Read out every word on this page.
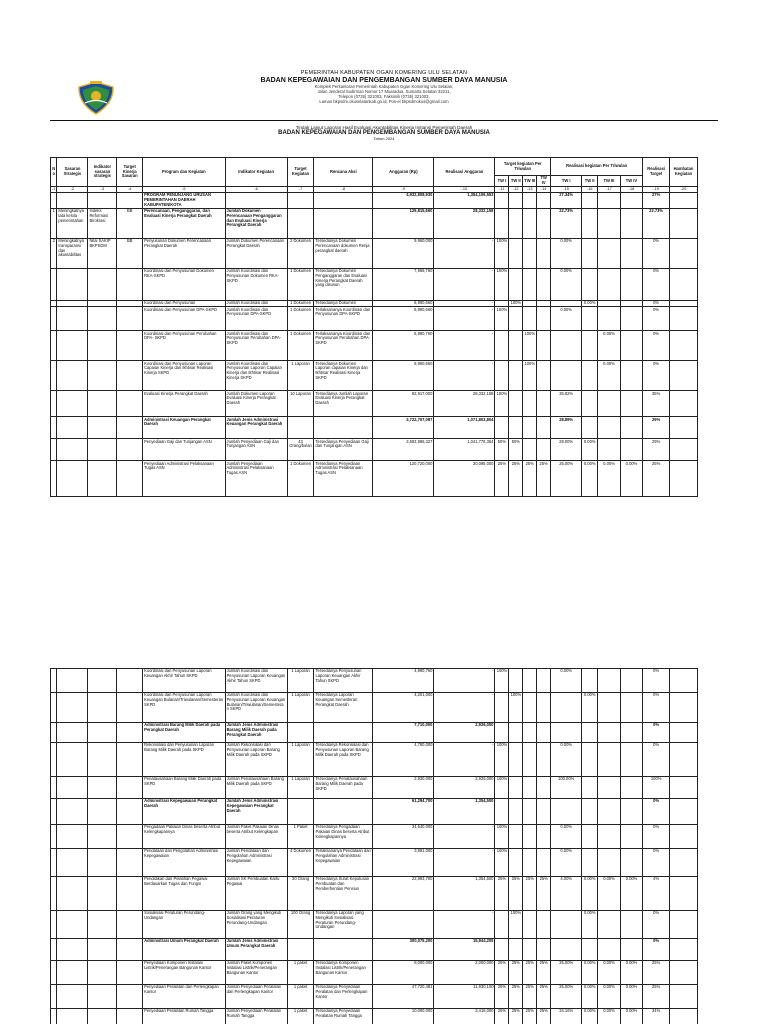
PEMERINTAH KABUPATEN OGAN KOMERING ULU SELATAN
BADAN KEPEGAWAIAN DAN PENGEMBANGAN SUMBER DAYA MANUSIA
Komplek Perkantoran Pemerintah Kabupaten Ogan Komering Ulu Selatan,
Jalan Jenderal Sudirman Nomor 17 Muaradua, Sumatra Selatan 32211,
Telepon (0735) 321003, Faksimili (0735) 321003,
Laman bkpsdm.okuselatankab.go.id, Pos-el bkpsdmokus@gmail.com
Tindak Lanjut Laporan Hasil Evaluasi Akuntabilitas Kinerja Instansi Pemerintah Daerah
BADAN KEPEGAWAIAN DAN PENGEMBANGAN SUMBER DAYA MANUSIA
Tahun 2024
No	Sasaran Strategis	Indikator sasaran strategis	Target Kinerja Sasaran	Program dan Kegiatan	Indikator Kegiatan	Target Kegiatan	Rencana Aksi	Anggaran (Rp)	Realisasi Anggaran	Target kegiatan Per Triwulan				Realisasi kegiatan Per Triwulan				Realisasi Target	Hambatan Kegiatan
										TW I	TW II	TW III	TW IV	TW I	TW II	TW III	TW IV		
-1	-2	-3	-4	-5	-6	-7	-8	-9	-10	-11	-12	-13	-14	-15	-16	-17	-18	-19	-20
				PROGRAM PENUNJANG URUSAN PEMERINTAHAN DAERAH KABUPATEN/KOTA				4,932,808,930	1,354,106,553					27.34%				27%	
1	Meningkatnya tata kelola pemerintahan	Indeks Reformasi Birokrasi	BB	Perencanaan, Penganggaran, dan Evaluasi Kinerja Perangkat Daerah	Jumlah Dokumen Perencanaan Penganggaran dan Evaluasi Kinerja Perangkat Daerah			129,815,660	28,332,158					22.73%				22.73%	
2	Meningkatnya transparansi dan akuntabilitas	Nilai SAKIP BKPSDM	BB	Penyusunan Dokumen Perencanaan Perangkat Daerah	Jumlah Dokumen Perencanaan Perangkat Daerah	2 Dokumen	Tersedianya Dokumen Perencanaan dokumen Renja perangkat daerah	9,960,000	-	100%				0.00%				0%	
				Koordinasi dan Penyusunan Dokumen RKA-SKPD	Jumlah Koordinasi dan Penyusunan Dokumen RKA-SKPD	1 Dokumen	Tersedianya Dokumen Penganggaran dan Evaluasi Kinerja Perangkat Daerah yang disusun	7,965,760	-	100%				0.00%				0%	
				Koordinasi dan Penyusunan	Jumlah Koordinasi dan	1 Dokumen	Tersedianya Dokumen	6,990,660	-		100%				0.00%			0%	
				Koordinasi dan Penyusunan DPA-SKPD	Jumlah Koordinasi dan Penyusunan DPA-SKPD	1 Dokumen	Terlaksananya Koordinasi dan Penyusunan DPA-SKPD	5,990,660	-	100%				0.00%				0%	
				Koordinasi dan Penyusunan Perubahan DPA- SKPD	Jumlah Koordinasi dan Penyusunan Perubahan DPA- SKPD	1 Dokumen	Terlaksananya Koordinasi dan Penyusunan Perubahan DPA- SKPD	5,990,760	-			100%				0.00%		0%	
				Koordinasi dan Penyusunan Laporan Capaian Kinerja dan Ikhtisar Realisasi Kinerja SKPD	Jumlah Koordinasi dan Penyusunan Laporan Capaian Kinerja dan Ikhtisar Realisasi Kinerja SKPD	1 Laporan	Tersedianya Dokumen Laporan capaian Kinerja dan Ikhtisar Realisasi Kinerja SKPD	9,990,660	-			100%				0.00%		0%	
				Evaluasi Kinerja Perangkat Daerah	Jumlah Dokumen Laporan Evaluasi Kinerja Perangkat Daerah	10 Laporan	Tersedianya Jumlah Laporan Evaluasi Kinerja Perangkat Daerah	82,917,000	28,332,158	100%				35.82%				35%	
				Administrasi Keuangan Perangkat Daerah	Jumlah Jenis Administrasi Keuangan Perangkat Daerah			3,722,707,087	1,071,803,804					28.89%				29%	
				Penyediaan Gaji dan Tunjangan ASN	Jumlah Penyediaan Gaji dan Tunjangan ASN	43 Orang/bulan	Tersedianya Penyediaan Gaji dan Tunjangan ASN	3,593,986,327	1,041,778,364	50%	50%			29.00%	0.00%			29%	
				Penyediaan Administrasi Pelaksanaan Tugas ASN	Jumlah Penyediaan Administrasi Pelaksanaan Tugas ASN	1 Dokumen	Tersedianya Penyediaan Administrasi Pelaksanaan Tugas ASN	120,720,000	30,095,000	25%	25%	25%	25%	25.00%	0.00%	0.00%	0.00%	25%	
				Koordinasi dan Penyusunan Laporan Keuangan Akhir Tahun SKPD	Jumlah Koordinasi dan Penyusunan Laporan Keuangan Akhir Tahun SKPD	1 Laporan	Tersedianya Penyusunan Laporan Keuangan Akhir Tahun SKPD	4,990,760	-	100%				0.00%				0%	
				Koordinasi dan Penyusunan Laporan Keuangan Bulanan/Triwulanan/Semesteran SKPD	Jumlah Koordinasi dan Penyusunan Laporan Keuangan Bulanan/Triwulanan/Semesteran SKPD	1 Laporan	Tersedianya Laporan Keuangan Semesteran Perangkat Daerah	4,201,000	-		100%				0.00%			0%	
				Administrasi Barang Milik Daerah pada Perangkat Daerah	Jumlah Jenis Administrasi Barang Milik Daerah pada Perangkat Daerah			7,710,000	2,926,000									0%	
				Rekonsiliasi dan Penyusunan Laporan Barang Milik Daerah pada SKPD	Jumlah Rekonsiliasi dan Penyusunan Laporan Barang Milik Daerah pada SKPD	1 Laporan	Tersedianya Rekonsiliasi dan Penyusunan Laporan Barang Milik Daerah pada SKPD	4,780,000	-	100%				0.00%				0%	
				Penatausahaan Barang Milik Daerah pada SKPD	Jumlah Penatausahaan Barang Milik Daerah pada SKPD	1 Laporan	Tersedianya Penatausahaan Barang Milik Daerah pada SKPD	2,930,000	2,926,000	100%				100.00%				100%	
				Administrasi Kepegawaian Perangkat Daerah	Jumlah Jenis Administrasi Kepegawaian Perangkat Daerah			61,294,700	1,354,500									0%	
				Pengadaan Pakaian Dinas beserta Atribut Kelengkapannya	Jumlah Paket Pakaian Dinas beserta Atribut Kelengkapan	1 Paket	Tersedianya Pengadaan Pakaian Dinas beserta Atribut Kelengkapannya	34,540,000	-	100%				0.00%				0%	
				Pendataan dan Pengolahan Administrasi Kepegawaian	Jumlah Pendataan dan Pengolahan Administrasi Kepegawaian	4 Dokumen	Terlaksananya Pendataan dan Pengolahan Administrasi Kepegawaian	3,991,000	-	100%				0.00%				0%	
				Pendidikan dan Pelatihan Pegawai Berdasarkan Tugas dan Fungsi	Jumlah SK Pembuatan Kartu Pegawai	30 Orang	Tersedianya Surat Keputusan Pembuatan dan Pemberhentian Pensiun	22,993,700	1,354,500	25%	25%	25%	25%	4.00%	0.00%	0.00%	0.00%	4%	
				Sosialisasi Peraturan Perundang-Undangan	Jumlah Orang yang Mengikuti Sosialisasi Peraturan Perundang-Undangan	100 Orang	Tersedianya Laporan yang Mengikuti Sosialisasi Peraturan Perundang-Undangan		-		100%				0.00%			0%	
				Administrasi Umum Perangkat Daerah	Jumlah Jenis Administrasi Umum Perangkat Daerah			300,075,200	15,944,205									0%	
				Penyediaan Komponen Instalasi Listrik/Penerangan Bangunan Kantor	Jumlah Paket Komponen Instalasi Listrik/Penerangan Bangunan Kantor	1 paket	Tersedianya Komponen Instalasi Listrik/Penerangan Bangunan Kantor	8,000,000	2,000,000	25%	25%	25%	25%	25.00%	0.00%	0.00%	0.00%	25%	
				Penyediaan Peralatan dan Perlengkapan Kantor	Jumlah Penyediaan Peralatan dan Perlengkapan Kantor	1 paket	Tersedianya Penyediaan Peralatan dan Perlengkapan Kantor	47,720,481	11,930,100	25%	25%	25%	25%	25.00%	0.00%	0.00%	0.00%	25%	
				Penyediaan Peralatan Rumah Tangga	Jumlah Penyediaan Peralatan Rumah Tangga	1 paket	Tersedianya Penyediaan Peralatan Rumah Tangga	10,000,000	3,416,000	25%	25%	25%	25%	34.16%	0.00%	0.00%	0.00%	34%	
